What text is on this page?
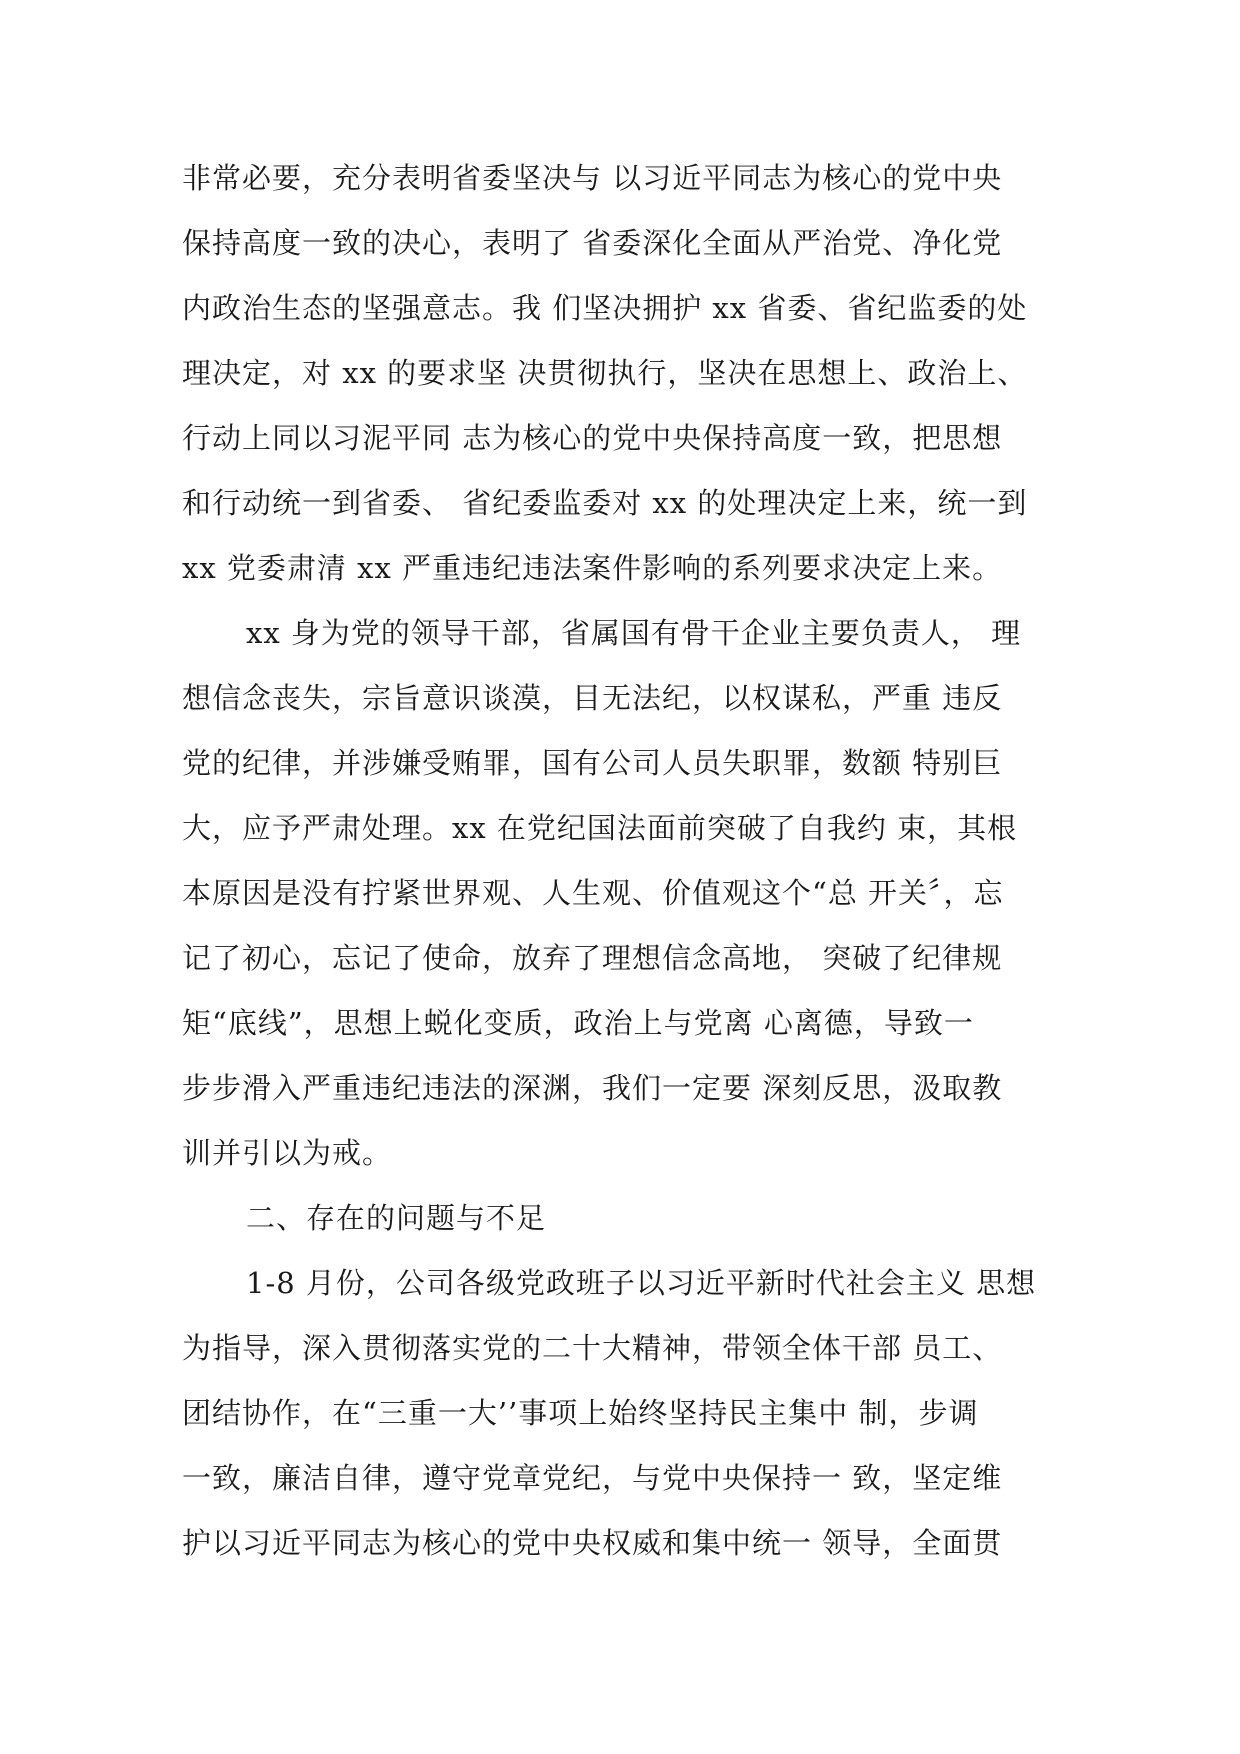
非常必要，充分表明省委坚决与 以习近平同志为核心的党中央
保持高度一致的决心，表明了 省委深化全面从严治党、净化党
内政治生态的坚强意志。我 们坚决拥护 xx 省委、省纪监委的处
理决定，对 xx 的要求坚 决贯彻执行，坚决在思想上、政治上、
行动上同以习泥平同 志为核心的党中央保持高度一致，把思想
和行动统一到省委、 省纪委监委对 xx 的处理决定上来，统一到
xx 党委肃清 xx 严重违纪违法案件影响的系列要求决定上来。
xx 身为党的领导干部，省属国有骨干企业主要负责人， 理
想信念丧失，宗旨意识谈漠，目无法纪，以权谋私，严重 违反
党的纪律，并涉嫌受贿罪，国有公司人员失职罪，数额 特别巨
大，应予严肃处理。xx 在党纪国法面前突破了自我约 束，其根
本原因是没有拧紧世界观、人生观、价值观这个“总 开关〞，忘
记了初心，忘记了使命，放弃了理想信念高地， 突破了纪律规
矩“底线”，思想上蜕化变质，政治上与党离 心离德，导致一
步步滑入严重违纪违法的深渊，我们一定要 深刻反思，汲取教
训并引以为戒。
二、存在的问题与不足
1-8 月份，公司各级党政班子以习近平新时代社会主义 思想
为指导，深入贯彻落实党的二十大精神，带领全体干部 员工、
团结协作，在“三重一大’’事项上始终坚持民主集中 制，步调
一致，廉洁自律，遵守党章党纪，与党中央保持一 致，坚定维
护以习近平同志为核心的党中央权威和集中统一 领导，全面贯
